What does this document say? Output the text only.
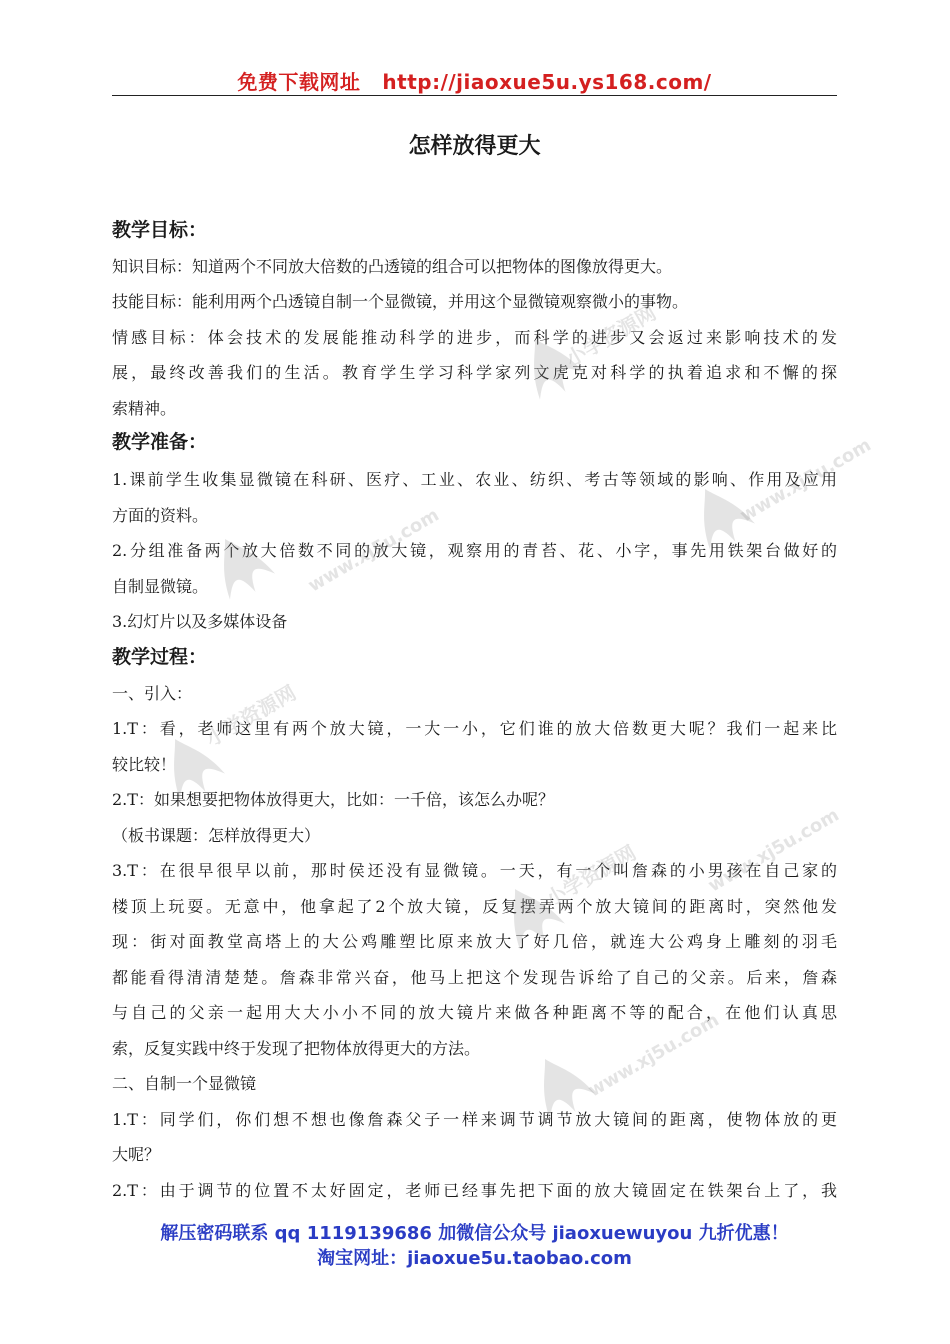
免费下载网址 http://jiaoxue5u.ys168.com/
怎样放得更大
教学目标：
知识目标：知道两个不同放大倍数的凸透镜的组合可以把物体的图像放得更大。
技能目标：能利用两个凸透镜自制一个显微镜，并用这个显微镜观察微小的事物。
情感目标：体会技术的发展能推动科学的进步，而科学的进步又会返过来影响技术的发
展，最终改善我们的生活。教育学生学习科学家列文虎克对科学的执着追求和不懈的探
索精神。
教学准备：
1.课前学生收集显微镜在科研、医疗、工业、农业、纺织、考古等领域的影响、作用及应用
方面的资料。
2.分组准备两个放大倍数不同的放大镜，观察用的青苔、花、小字，事先用铁架台做好的
自制显微镜。
3.幻灯片以及多媒体设备
教学过程：
一、引入：
1.T：看，老师这里有两个放大镜，一大一小，它们谁的放大倍数更大呢？我们一起来比
较比较！
2.T：如果想要把物体放得更大，比如：一千倍，该怎么办呢？
（板书课题：怎样放得更大）
3.T：在很早很早以前，那时侯还没有显微镜。一天，有一个叫詹森的小男孩在自己家的
楼顶上玩耍。无意中，他拿起了2个放大镜，反复摆弄两个放大镜间的距离时，突然他发
现：街对面教堂高塔上的大公鸡雕塑比原来放大了好几倍，就连大公鸡身上雕刻的羽毛
都能看得清清楚楚。詹森非常兴奋，他马上把这个发现告诉给了自己的父亲。后来，詹森
与自己的父亲一起用大大小小不同的放大镜片来做各种距离不等的配合，在他们认真思
索，反复实践中终于发现了把物体放得更大的方法。
二、自制一个显微镜
1.T：同学们，你们想不想也像詹森父子一样来调节调节放大镜间的距离，使物体放的更
大呢？
2.T：由于调节的位置不太好固定，老师已经事先把下面的放大镜固定在铁架台上了，我
小学资源网
www.xj5u.com
www.xj5u.com
小学资源网
小学资源网	www.xj5u.com
www.xj5u.com
解压密码联系 qq 1119139686 加微信公众号 jiaoxuewuyou 九折优惠！
淘宝网址：jiaoxue5u.taobao.com
